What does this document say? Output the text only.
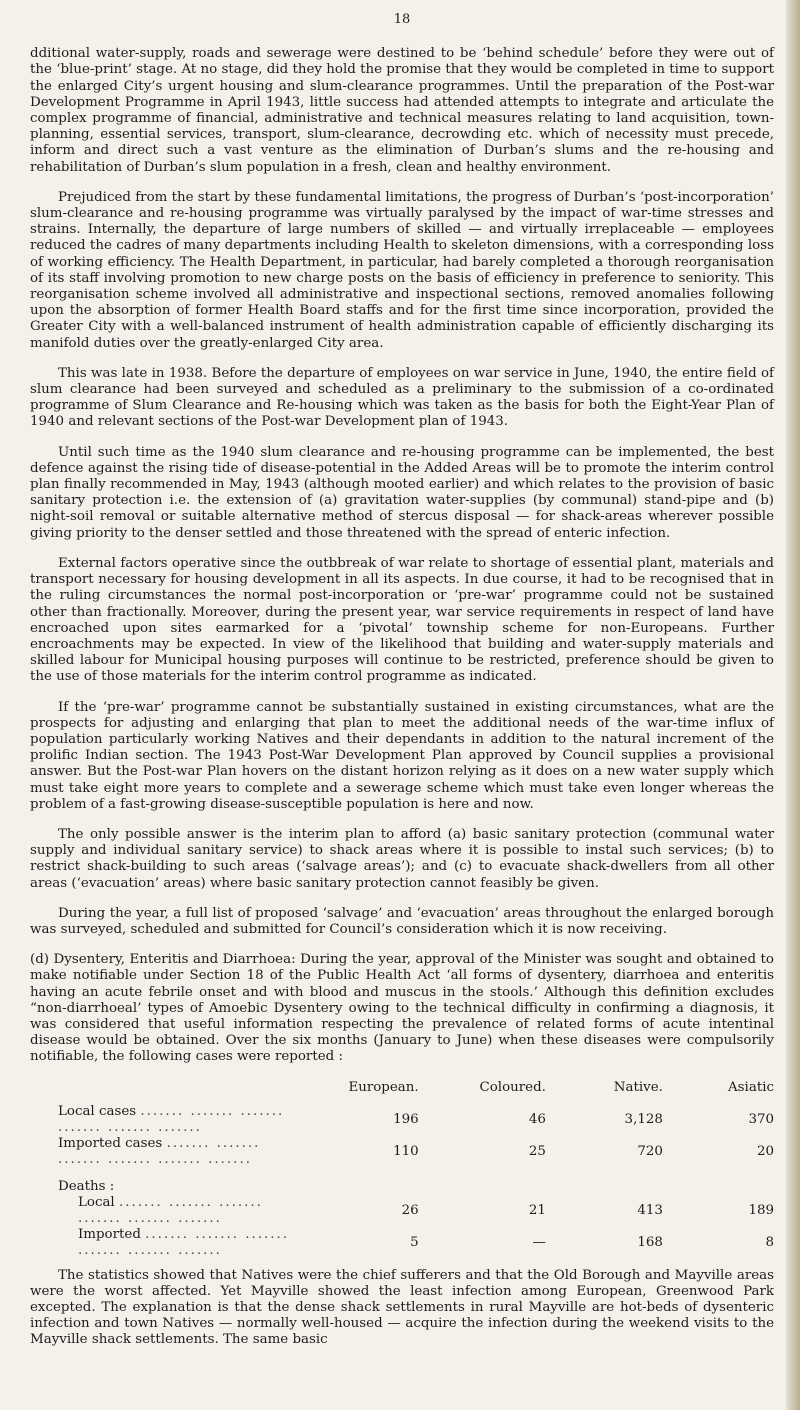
18

dditional water-supply, roads and sewerage were destined to be ‘behind schedule’ before they were out of the ‘blue-print’ stage. At no stage, did they hold the promise that they would be completed in time to support the enlarged City’s urgent housing and slum-clearance programmes. Until the preparation of the Post-war Development Programme in April 1943, little success had attended attempts to integrate and articulate the complex programme of financial, administrative and technical measures relating to land acquisition, town-planning, essential services, transport, slum-clearance, decrowding etc. which of necessity must precede, inform and direct such a vast venture as the elimination of Durban’s slums and the re-housing and rehabilitation of Durban’s slum population in a fresh, clean and healthy environment.

Prejudiced from the start by these fundamental limitations, the progress of Durban’s ‘post-incorporation’ slum-clearance and re-housing programme was virtually paralysed by the impact of war-time stresses and strains. Internally, the departure of large numbers of skilled — and virtually irreplaceable — employees reduced the cadres of many departments including Health to skeleton dimensions, with a corresponding loss of working efficiency. The Health Department, in particular, had barely completed a thorough reorganisation of its staff involving promotion to new charge posts on the basis of efficiency in preference to seniority. This reorganisation scheme involved all administrative and inspectional sections, removed anomalies following upon the absorption of former Health Board staffs and for the first time since incorporation, provided the Greater City with a well-balanced instrument of health administration capable of efficiently discharging its manifold duties over the greatly-enlarged City area.

This was late in 1938. Before the departure of employees on war service in June, 1940, the entire field of slum clearance had been surveyed and scheduled as a preliminary to the submission of a co-ordinated programme of Slum Clearance and Re-housing which was taken as the basis for both the Eight-Year Plan of 1940 and relevant sections of the Post-war Development plan of 1943.

Until such time as the 1940 slum clearance and re-housing programme can be implemented, the best defence against the rising tide of disease-potential in the Added Areas will be to promote the interim control plan finally recommended in May, 1943 (although mooted earlier) and which relates to the provision of basic sanitary protection i.e. the extension of (a) gravitation water-supplies (by communal) stand-pipe and (b) night-soil removal or suitable alternative method of stercus disposal — for shack-areas wherever possible giving priority to the denser settled and those threatened with the spread of enteric infection.

External factors operative since the outbbreak of war relate to shortage of essential plant, materials and transport necessary for housing development in all its aspects. In due course, it had to be recognised that in the ruling circumstances the normal post-incorporation or ‘pre-war’ programme could not be sustained other than fractionally. Moreover, during the present year, war service requirements in respect of land have encroached upon sites earmarked for a ‘pivotal’ township scheme for non-Europeans. Further encroachments may be expected. In view of the likelihood that building and water-supply materials and skilled labour for Municipal housing purposes will continue to be restricted, preference should be given to the use of those materials for the interim control programme as indicated.

If the ‘pre-war’ programme cannot be substantially sustained in existing circumstances, what are the prospects for adjusting and enlarging that plan to meet the additional needs of the war-time influx of population particularly working Natives and their dependants in addition to the natural increment of the prolific Indian section. The 1943 Post-War Development Plan approved by Council supplies a provisional answer. But the Post-war Plan hovers on the distant horizon relying as it does on a new water supply which must take eight more years to complete and a sewerage scheme which must take even longer whereas the problem of a fast-growing disease-susceptible population is here and now.

The only possible answer is the interim plan to afford (a) basic sanitary protection (communal water supply and individual sanitary service) to shack areas where it is possible to instal such services; (b) to restrict shack-building to such areas (‘salvage areas’); and (c) to evacuate shack-dwellers from all other areas (‘evacuation’ areas) where basic sanitary protection cannot feasibly be given.

During the year, a full list of proposed ‘salvage’ and ‘evacuation’ areas throughout the enlarged borough was surveyed, scheduled and submitted for Council’s consideration which it is now receiving.

(d) Dysentery, Enteritis and Diarrhoea: During the year, approval of the Minister was sought and obtained to make notifiable under Section 18 of the Public Health Act ‘all forms of dysentery, diarrhoea and enteritis having an acute febrile onset and with blood and muscus in the stools.’ Although this definition excludes “non-diarrhoeal’ types of Amoebic Dysentery owing to the technical difficulty in confirming a diagnosis, it was considered that useful information respecting the prevalence of related forms of acute intentinal disease would be obtained. Over the six months (January to June) when these diseases were compulsorily notifiable, the following cases were reported :

	European.	Coloured.	Native.	Asiatic
Local cases ....... ....... ....... ....... ....... .......	196	46	3,128	370
Imported cases ....... ....... ....... ....... ....... .......	110	25	720	20

Deaths :				
Local ....... ....... ....... ....... ....... .......	26	21	413	189
Imported ....... ....... ....... ....... ....... .......	5	—	168	8

The statistics showed that Natives were the chief sufferers and that the Old Borough and Mayville areas were the worst affected. Yet Mayville showed the least infection among European, Greenwood Park excepted. The explanation is that the dense shack settlements in rural Mayville are hot-beds of dysenteric infection and town Natives — normally well-housed — acquire the infection during the weekend visits to the Mayville shack settlements. The same basic
